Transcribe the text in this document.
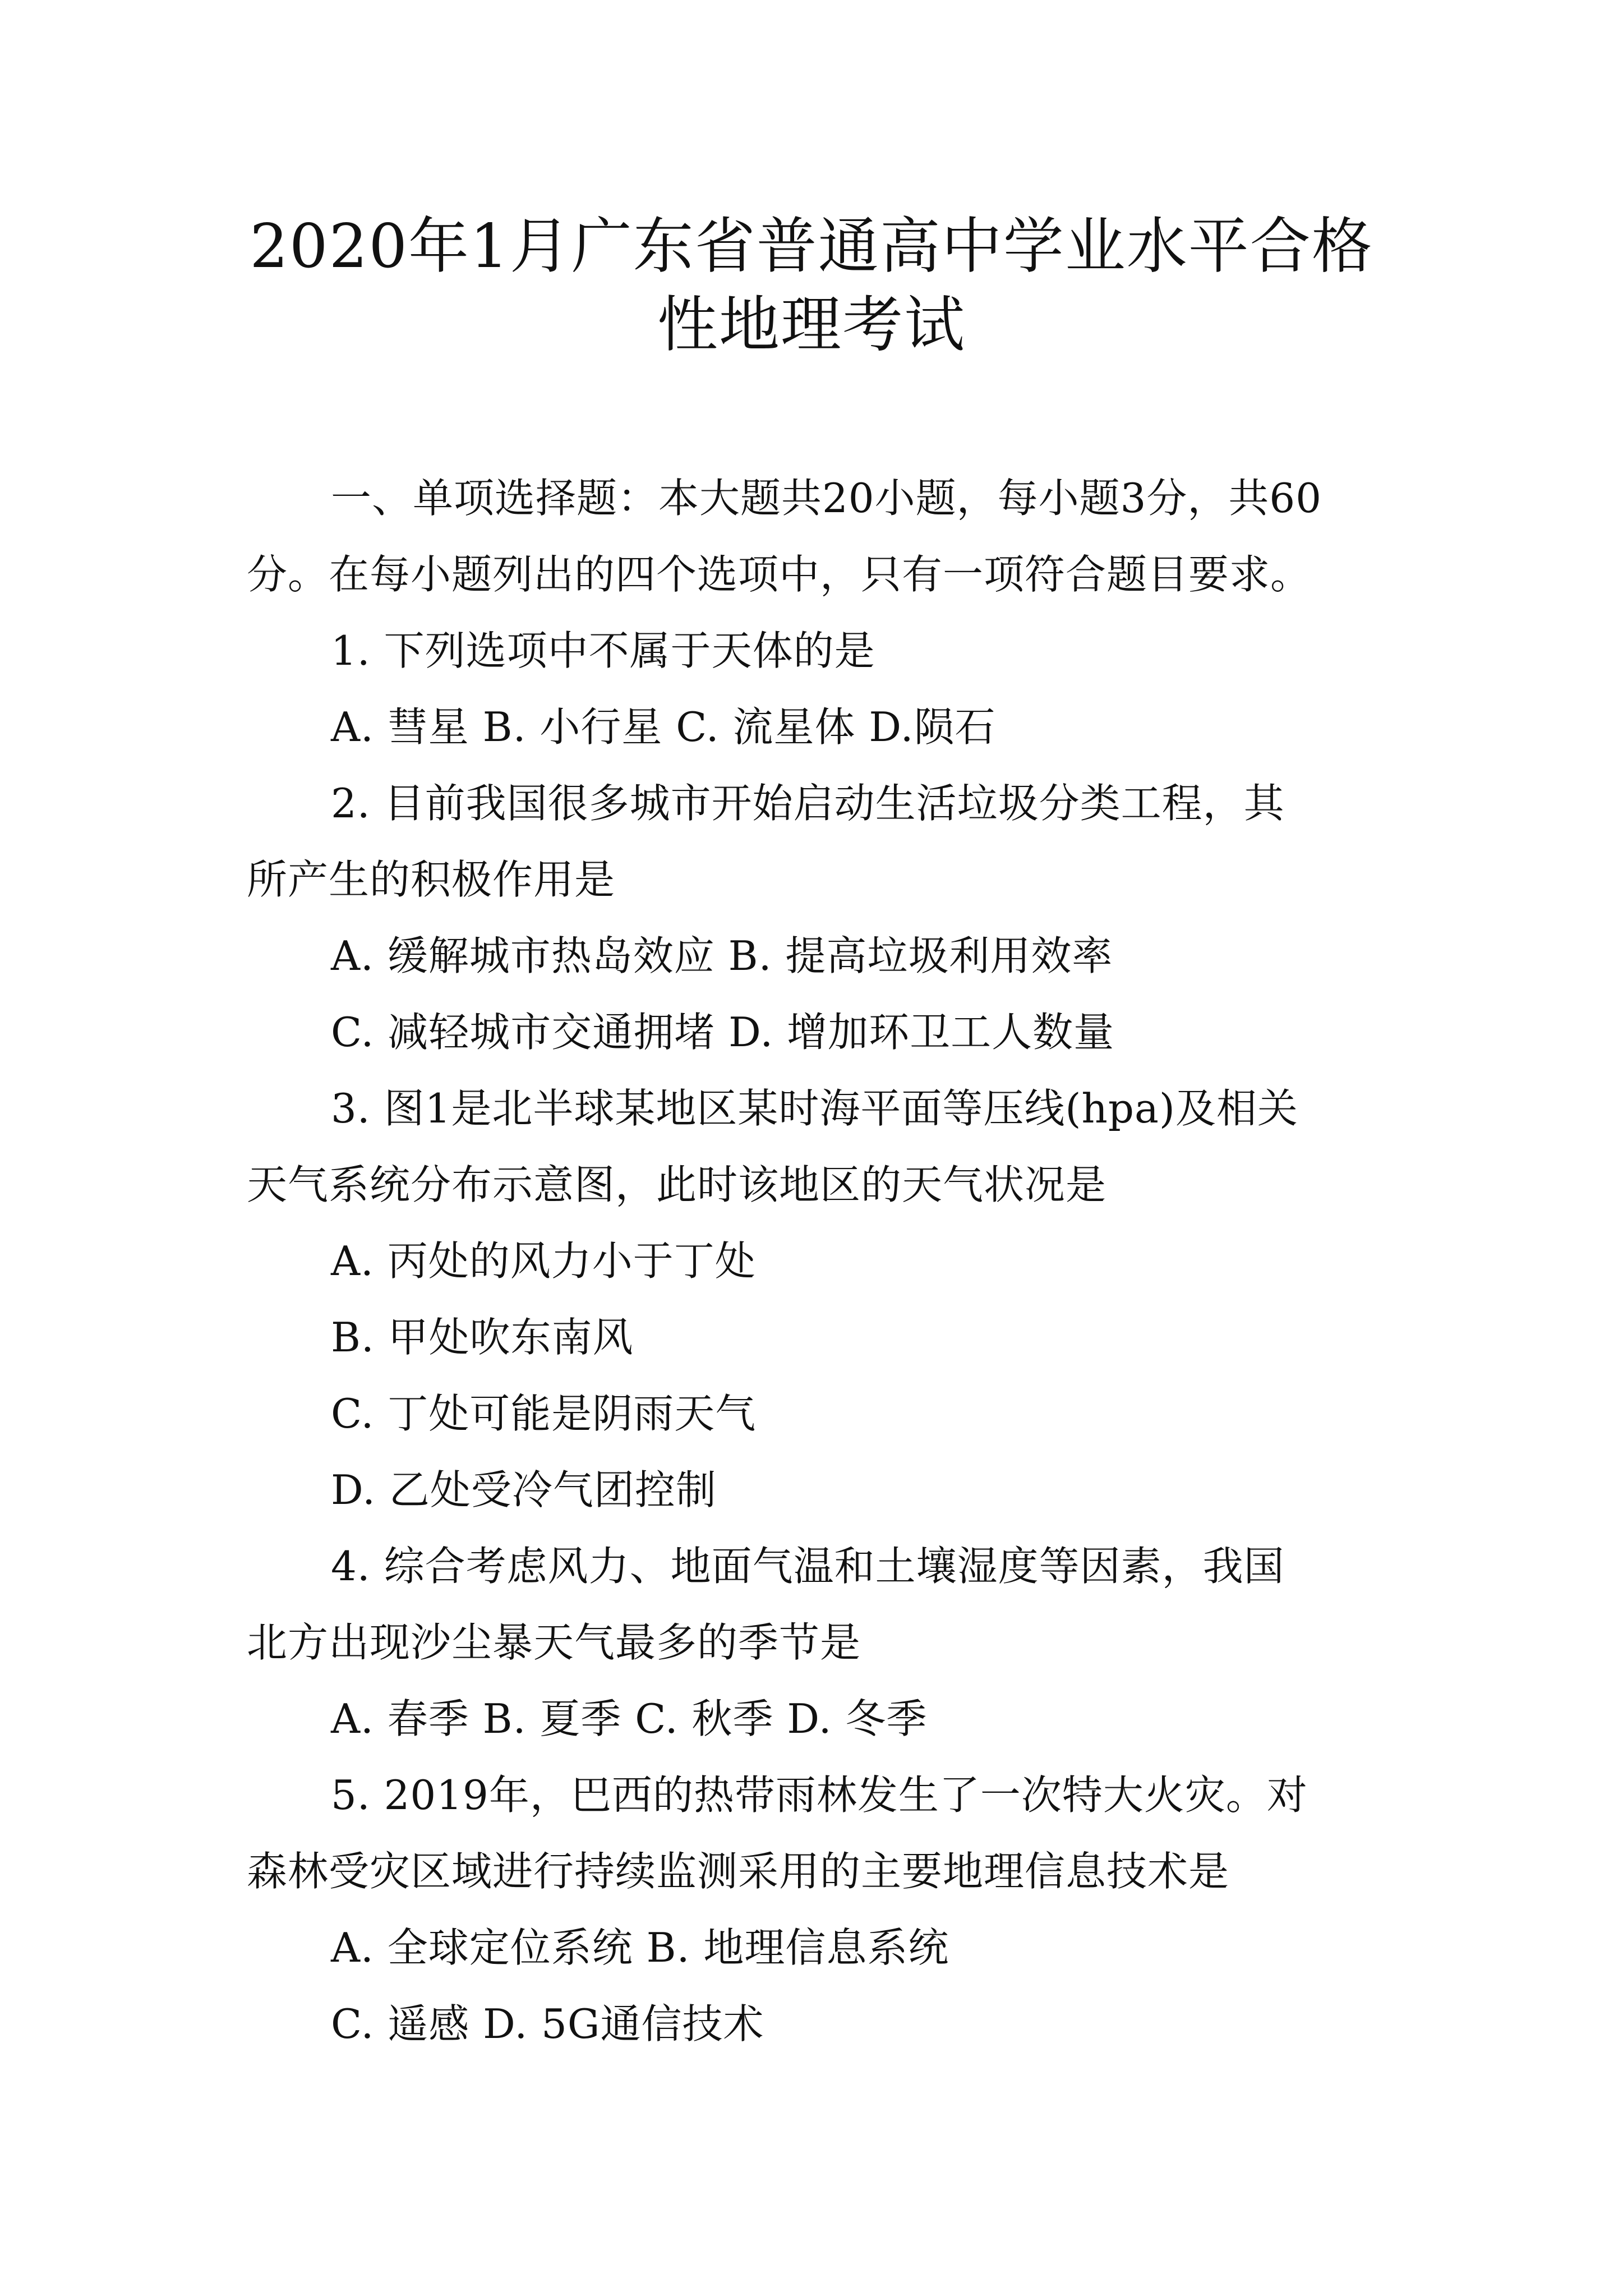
2020年1月广东省普通高中学业水平合格
性地理考试
一、单项选择题：本大题共20小题，每小题3分，共60
分。在每小题列出的四个选项中，只有一项符合题目要求。
1. 下列选项中不属于天体的是
A. 彗星 B. 小行星 C. 流星体 D.陨石
2. 目前我国很多城市开始启动生活垃圾分类工程，其
所产生的积极作用是
A. 缓解城市热岛效应 B. 提高垃圾利用效率
C. 减轻城市交通拥堵 D. 增加环卫工人数量
3. 图1是北半球某地区某时海平面等压线(hpa)及相关
天气系统分布示意图，此时该地区的天气状况是
A. 丙处的风力小于丁处
B. 甲处吹东南风
C. 丁处可能是阴雨天气
D. 乙处受冷气团控制
4. 综合考虑风力、地面气温和土壤湿度等因素，我国
北方出现沙尘暴天气最多的季节是
A. 春季 B. 夏季 C. 秋季 D. 冬季
5. 2019年，巴西的热带雨林发生了一次特大火灾。对
森林受灾区域进行持续监测采用的主要地理信息技术是
A. 全球定位系统 B. 地理信息系统
C. 遥感 D. 5G通信技术
